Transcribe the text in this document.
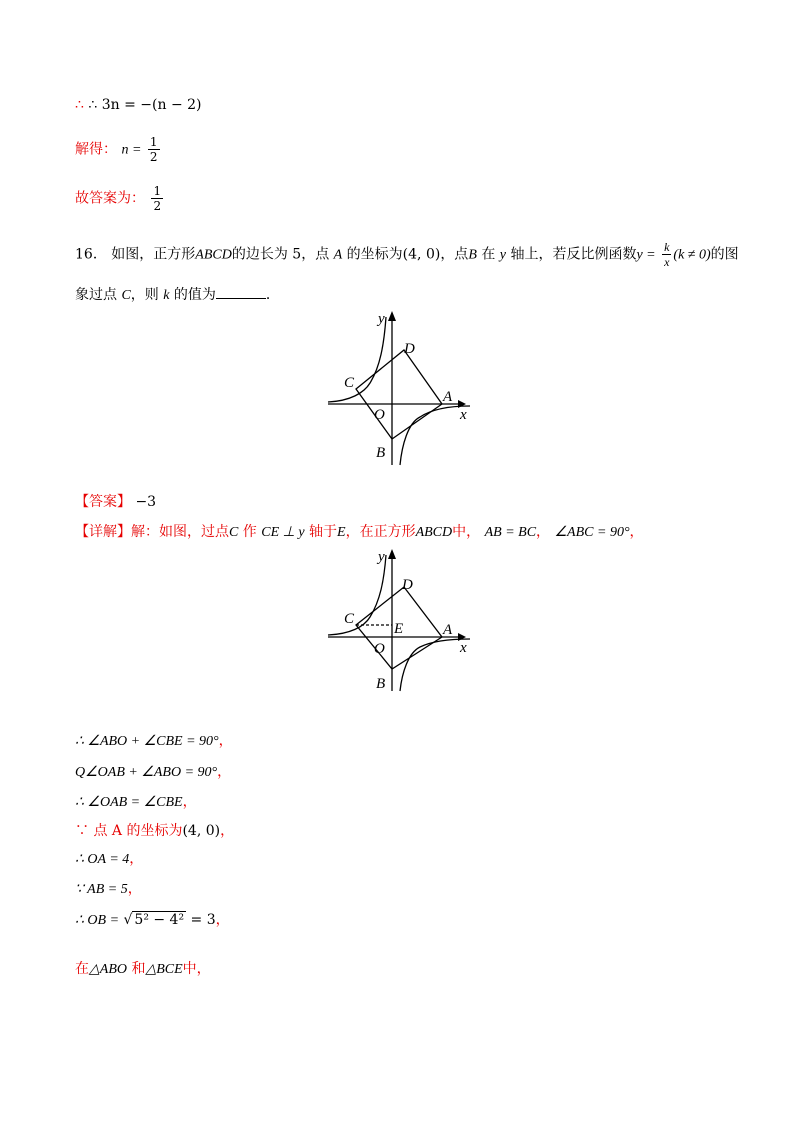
∴ ∴ 3n = −(n − 2)
解得： $n = \frac{1}{2}$
故答案为： $\frac{1}{2}$
16． 如图，正方形ABCD的边长为 5，点 A 的坐标为(4, 0)，点B 在 y 轴上，若反比例函数$y = \frac{k}{x} (k \ne 0)$的图
象过点 C，则 k 的值为	．
y
x
A
B
C
D
O
【答案】 −3
【详解】解：如图，过点C 作 CE ⊥ y 轴于E，在正方形ABCD中， AB = BC， ∠ABC = 90°，
y
x
A
B
C
D
O
E
∴ ∠ABO + ∠CBE = 90°，
Q∠OAB + ∠ABO = 90°，
∴ ∠OAB = ∠CBE，
∵ 点 A 的坐标为(4, 0)，
∴ OA = 4，
∵ AB = 5，
∴ OB = √ 5² − 4² = 3，
在△ABO 和△BCE中，
